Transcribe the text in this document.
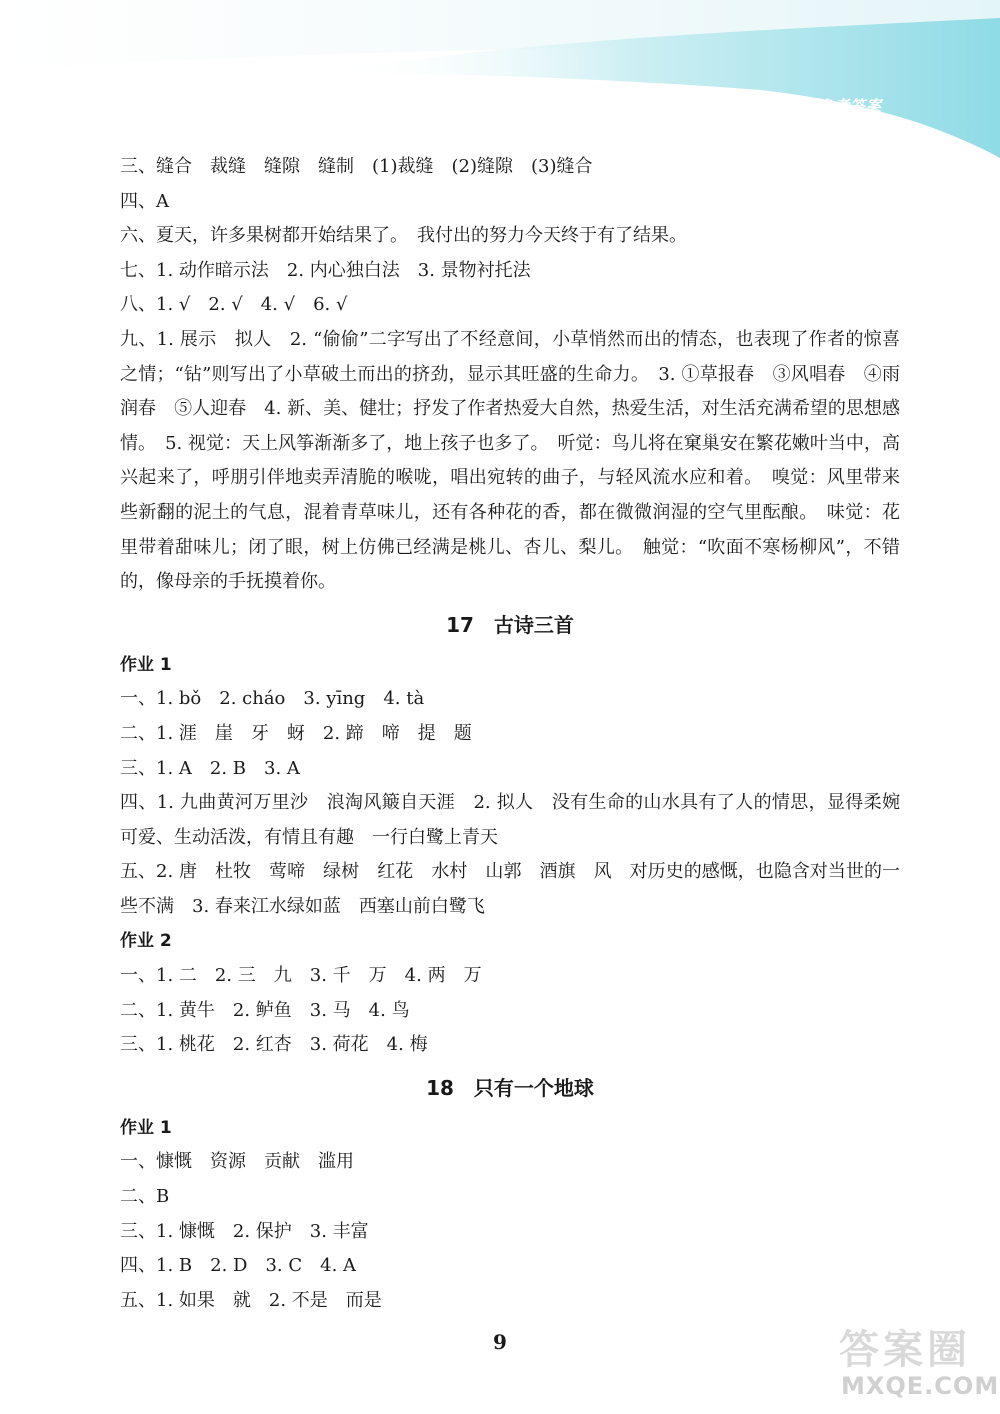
参考答案
三、缝合　裁缝　缝隙　缝制　(1)裁缝　(2)缝隙　(3)缝合
四、A
六、夏天，许多果树都开始结果了。　我付出的努力今天终于有了结果。
七、1. 动作暗示法　2. 内心独白法　3. 景物衬托法
八、1. √　2. √　4. √　6. √
九、1. 展示　拟人　2. “偷偷”二字写出了不经意间，小草悄然而出的情态，也表现了作者的惊喜之情；“钻”则写出了小草破土而出的挤劲，显示其旺盛的生命力。　3. ①草报春　③风唱春　④雨润春　⑤人迎春　4. 新、美、健壮；抒发了作者热爱大自然，热爱生活，对生活充满希望的思想感情。　5. 视觉：天上风筝渐渐多了，地上孩子也多了。　听觉：鸟儿将在窠巢安在繁花嫩叶当中，高兴起来了，呼朋引伴地卖弄清脆的喉咙，唱出宛转的曲子，与轻风流水应和着。　嗅觉：风里带来些新翻的泥土的气息，混着青草味儿，还有各种花的香，都在微微润湿的空气里酝酿。　味觉：花里带着甜味儿；闭了眼，树上仿佛已经满是桃儿、杏儿、梨儿。　触觉：“吹面不寒杨柳风”，不错的，像母亲的手抚摸着你。
17　古诗三首
作业 1
一、1. bǒ　2. cháo　3. yīng　4. tà
二、1. 涯　崖　牙　蚜　2. 蹄　啼　提　题
三、1. A　2. B　3. A
四、1. 九曲黄河万里沙　浪淘风簸自天涯　2. 拟人　没有生命的山水具有了人的情思，显得柔婉可爱、生动活泼，有情且有趣　一行白鹭上青天
五、2. 唐　杜牧　莺啼　绿树　红花　水村　山郭　酒旗　风　对历史的感慨，也隐含对当世的一些不满　3. 春来江水绿如蓝　西塞山前白鹭飞
作业 2
一、1. 二　2. 三　九　3. 千　万　4. 两　万
二、1. 黄牛　2. 鲈鱼　3. 马　4. 鸟
三、1. 桃花　2. 红杏　3. 荷花　4. 梅
18　只有一个地球
作业 1
一、慷慨　资源　贡献　滥用
二、B
三、1. 慷慨　2. 保护　3. 丰富
四、1. B　2. D　3. C　4. A
五、1. 如果　就　2. 不是　而是
9	答案圈
MXQE.COM
